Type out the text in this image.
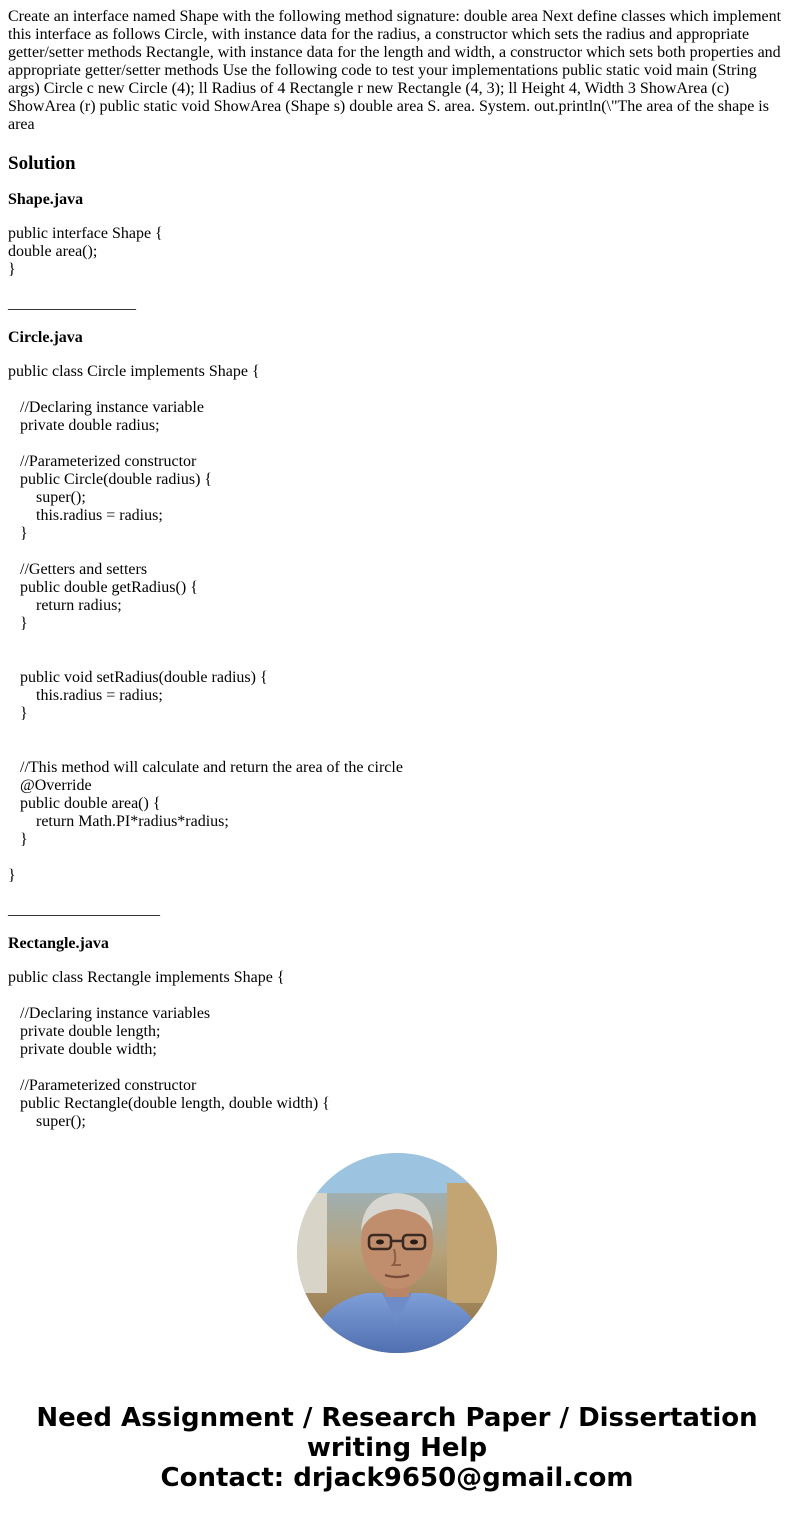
Create an interface named Shape with the following method signature: double area Next define classes which implement this interface as follows Circle, with instance data for the radius, a constructor which sets the radius and appropriate getter/setter methods Rectangle, with instance data for the length and width, a constructor which sets both properties and appropriate getter/setter methods Use the following code to test your implementations public static void main (String args) Circle c new Circle (4); ll Radius of 4 Rectangle r new Rectangle (4, 3); ll Height 4, Width 3 ShowArea (c) ShowArea (r) public static void ShowArea (Shape s) double area S. area. System. out.println(\"The area of the shape is area

Solution
Shape.java
public interface Shape {
double area();
}
________________
Circle.java
public class Circle implements Shape {

//Declaring instance variable
private double radius;

//Parameterized constructor
public Circle(double radius) {
super();
this.radius = radius;
}

//Getters and setters
public double getRadius() {
return radius;
}

public void setRadius(double radius) {
this.radius = radius;
}

//This method will calculate and return the area of the circle
@Override
public double area() {
return Math.PI*radius*radius;
}

}
___________________
Rectangle.java
public class Rectangle implements Shape {

//Declaring instance variables
private double length;
private double width;

//Parameterized constructor
public Rectangle(double length, double width) {
super();
Need Assignment / Research Paper / Dissertation
writing Help
Contact: drjack9650@gmail.com
